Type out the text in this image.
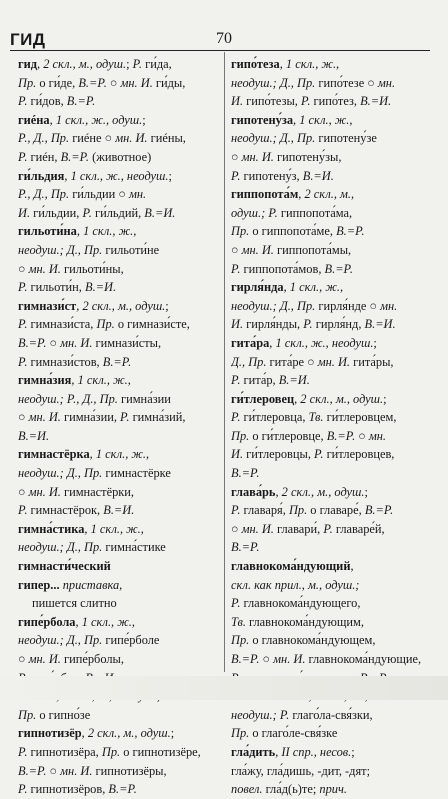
ГИД	70
гид, 2 скл., м., одуш.; Р. ги́да,
Пр. о ги́де, В.=Р. ○ мн. И. ги́ды,
Р. ги́дов, В.=Р.
гиéна, 1 скл., ж., одуш.;
Р., Д., Пр. гиéне ○ мн. И. гиéны,
Р. гиéн, В.=Р. (животное)
ги́льдия, 1 скл., ж., неодуш.;
Р., Д., Пр. ги́льдии ○ мн.
И. ги́льдии, Р. ги́льдий, В.=И.
гильоти́на, 1 скл., ж.,
неодуш.; Д., Пр. гильоти́не
○ мн. И. гильоти́ны,
Р. гильоти́н, В.=И.
гимнази́ст, 2 скл., м., одуш.;
Р. гимнази́ста, Пр. о гимнази́сте,
В.=Р. ○ мн. И. гимнази́сты,
Р. гимнази́стов, В.=Р.
гимна́зия, 1 скл., ж.,
неодуш.; Р., Д., Пр. гимна́зии
○ мн. И. гимна́зии, Р. гимна́зий,
В.=И.
гимнастёрка, 1 скл., ж.,
неодуш.; Д., Пр. гимнастёрке
○ мн. И. гимнастёрки,
Р. гимнастёрок, В.=И.
гимна́стика, 1 скл., ж.,
неодуш.; Д., Пр. гимна́стике
гимнасти́ческий
гипер... приставка,
пишется слитно
гипе́рбола, 1 скл., ж.,
неодуш.; Д., Пр. гипе́рболе
○ мн. И. гипе́рболы,
Пр. о гипно́зе
гипнотизёр, 2 скл., м., одуш.;
Р. гипнотизёра, Пр. о гипнотизёре,
В.=Р. ○ мн. И. гипнотизёры,
Р. гипнотизёров, В.=Р.
гипо́теза, 1 скл., ж.,
неодуш.; Д., Пр. гипо́тезе ○ мн.
И. гипо́тезы, Р. гипо́тез, В.=И.
гипотену́за, 1 скл., ж.,
неодуш.; Д., Пр. гипотену́зе
○ мн. И. гипотену́зы,
Р. гипотену́з, В.=И.
гиппопота́м, 2 скл., м.,
одуш.; Р. гиппопота́ма,
Пр. о гиппопота́ме, В.=Р.
○ мн. И. гиппопота́мы,
Р. гиппопота́мов, В.=Р.
гирля́нда, 1 скл., ж.,
неодуш.; Д., Пр. гирля́нде ○ мн.
И. гирля́нды, Р. гирля́нд, В.=И.
гита́ра, 1 скл., ж., неодуш.;
Д., Пр. гита́ре ○ мн. И. гита́ры,
Р. гита́р, В.=И.
ги́тлеровец, 2 скл., м., одуш.;
Р. ги́тлеровца, Тв. ги́тлеровцем,
Пр. о ги́тлеровце, В.=Р. ○ мн.
И. ги́тлеровцы, Р. ги́тлеровцев,
В.=Р.
глава́рь, 2 скл., м., одуш.;
Р. главаря́, Пр. о главаре́, В.=Р.
○ мн. И. главари́, Р. главаре́й,
В.=Р.
главнокома́ндующий,
скл. как прил., м., одуш.;
Р. главнокома́ндующего,
Тв. главнокома́ндующим,
Пр. о главнокома́ндующем,
В.=Р. ○ мн. И. главнокома́ндующие,
неодуш.; Р. глаго́ла-свя́зки,
Пр. о глаго́ле-свя́зке
гла́дить, II спр., несов.;
гла́жу, гла́дишь, -дит, -дят;
повел. гла́д(ь)те; прич.
